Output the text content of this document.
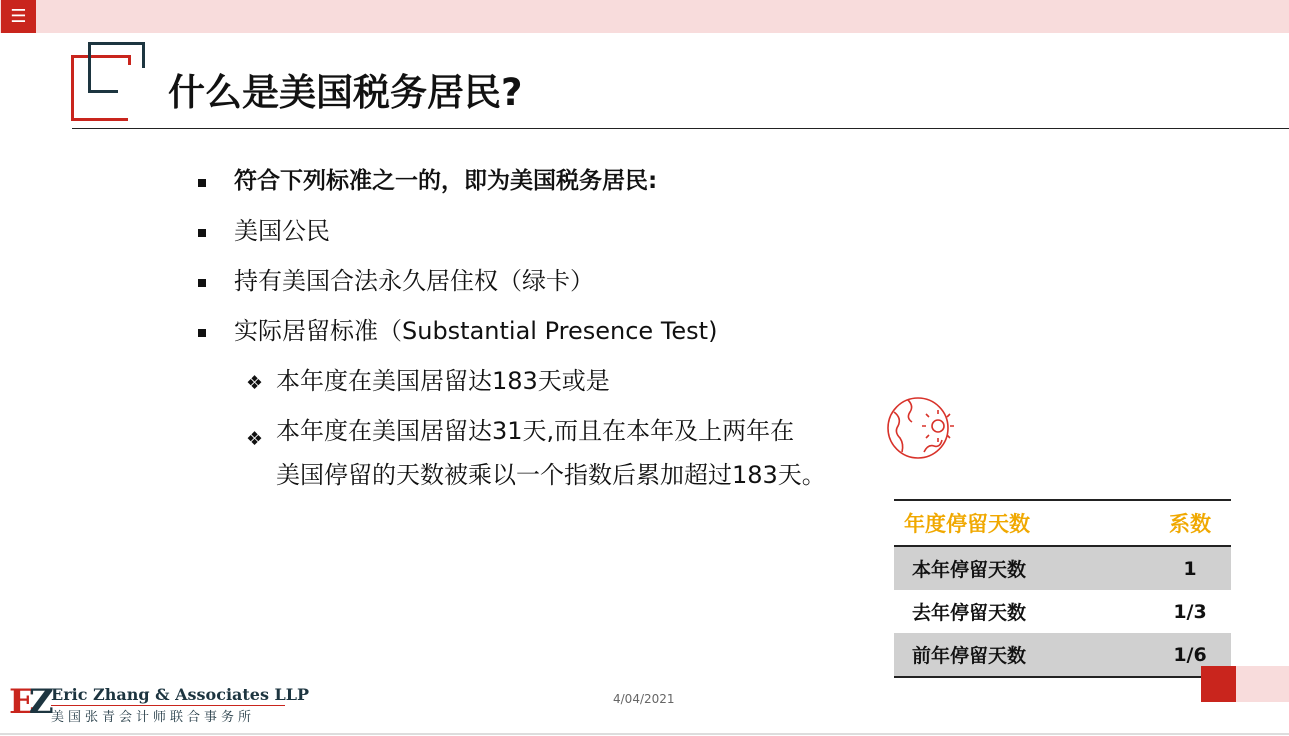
☰
什么是美国税务居民?
符合下列标准之一的，即为美国税务居民:
美国公民
持有美国合法永久居住权（绿卡）
实际居留标准（Substantial Presence Test)
❖ 本年度在美国居留达183天或是
❖ 本年度在美国居留达31天,而且在本年及上两年在
美国停留的天数被乘以一个指数后累加超过183天。
年度停留天数	系数
本年停留天数	1
去年停留天数	1/3
前年停留天数	1/6
EZ Eric Zhang & Associates LLP
美国张青会计师联合事务所
4/04/2021
